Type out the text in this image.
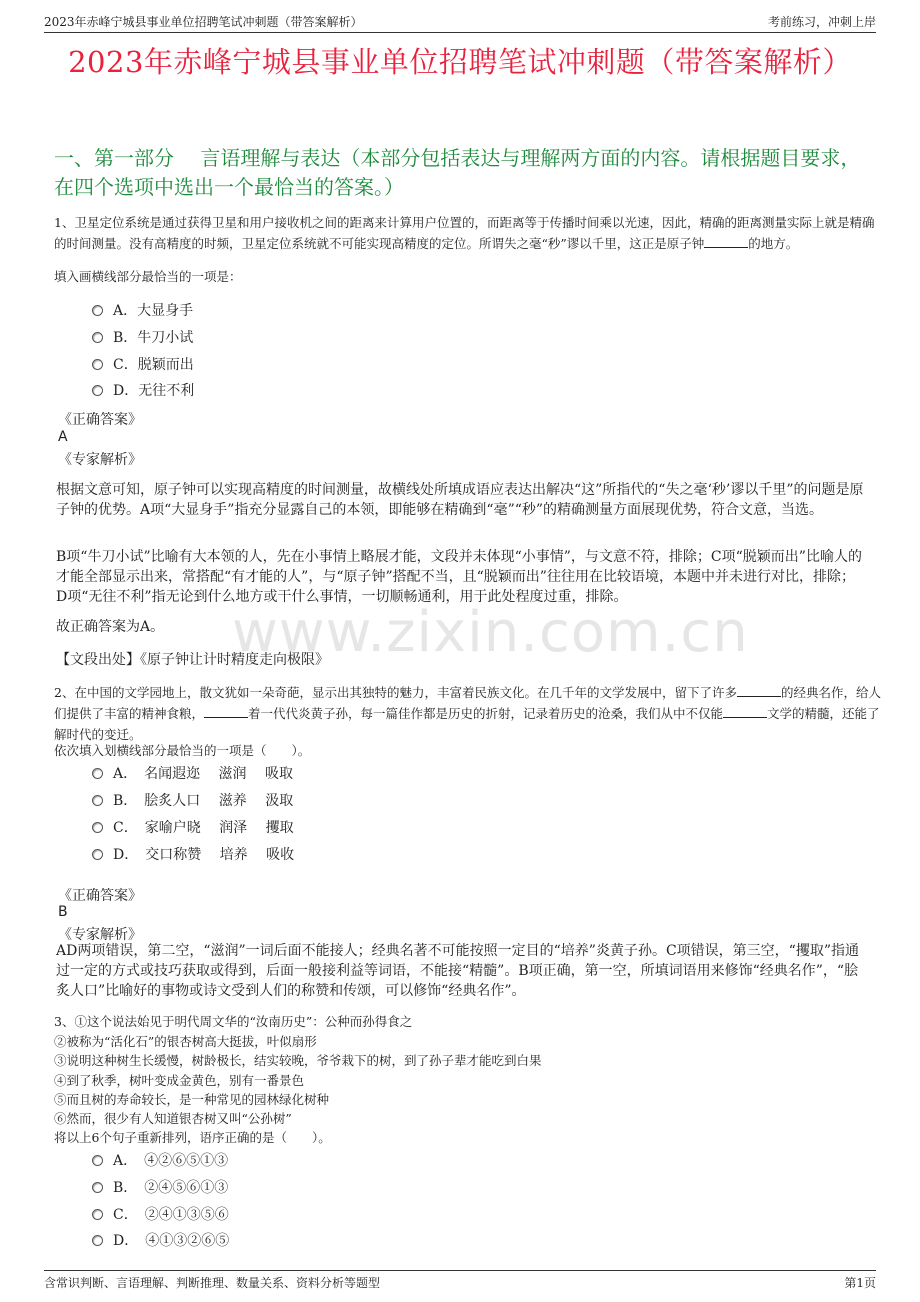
2023年赤峰宁城县事业单位招聘笔试冲刺题（带答案解析）	考前练习，冲刺上岸
2023年赤峰宁城县事业单位招聘笔试冲刺题（带答案解析）
一、第一部分　 言语理解与表达（本部分包括表达与理解两方面的内容。请根据题目要求，在四个选项中选出一个最恰当的答案。）
www.zixin.com.cn
1、卫星定位系统是通过获得卫星和用户接收机之间的距离来计算用户位置的，而距离等于传播时间乘以光速，因此，精确的距离测量实际上就是精确的时间测量。没有高精度的时频，卫星定位系统就不可能实现高精度的定位。所谓失之毫“秒”谬以千里，这正是原子钟	的地方。
填入画横线部分最恰当的一项是：
A．大显身手
B．牛刀小试
C．脱颖而出
D．无往不利
《正确答案》
A
《专家解析》
根据文意可知，原子钟可以实现高精度的时间测量，故横线处所填成语应表达出解决“这”所指代的“失之毫‘秒’谬以千里”的问题是原子钟的优势。A项“大显身手”指充分显露自己的本领，即能够在精确到“毫”“秒”的精确测量方面展现优势，符合文意，当选。
B项“牛刀小试”比喻有大本领的人，先在小事情上略展才能，文段并未体现“小事情”，与文意不符，排除；C项“脱颖而出”比喻人的才能全部显示出来，常搭配“有才能的人”，与“原子钟”搭配不当，且“脱颖而出”往往用在比较语境，本题中并未进行对比，排除；D项“无往不利”指无论到什么地方或干什么事情，一切顺畅通利，用于此处程度过重，排除。
故正确答案为A。
【文段出处】《原子钟让计时精度走向极限》
2、在中国的文学园地上，散文犹如一朵奇葩，显示出其独特的魅力，丰富着民族文化。在几千年的文学发展中，留下了许多	的经典名作，给人们提供了丰富的精神食粮，	着一代代炎黄子孙，每一篇佳作都是历史的折射，记录着历史的沧桑，我们从中不仅能	文学的精髓，还能了解时代的变迁。
依次填入划横线部分最恰当的一项是（　　）。
A．　名闻遐迩　 滋润　 吸取
B．　脍炙人口　 滋养　 汲取
C．　家喻户晓　 润泽　 攫取
D．　交口称赞　 培养　 吸收
《正确答案》
B
《专家解析》
AD两项错误，第二空，“滋润”一词后面不能接人；经典名著不可能按照一定目的“培养”炎黄子孙。C项错误，第三空，“攫取”指通过一定的方式或技巧获取或得到，后面一般接利益等词语，不能接“精髓”。B项正确，第一空，所填词语用来修饰“经典名作”，“脍炙人口”比喻好的事物或诗文受到人们的称赞和传颂，可以修饰“经典名作”。
3、①这个说法始见于明代周文华的“汝南历史”：公种而孙得食之
②被称为“活化石”的银杏树高大挺拔，叶似扇形
③说明这种树生长缓慢，树龄极长，结实较晚，爷爷栽下的树，到了孙子辈才能吃到白果
④到了秋季，树叶变成金黄色，别有一番景色
⑤而且树的寿命较长，是一种常见的园林绿化树种
⑥然而，很少有人知道银杏树又叫“公孙树”
将以上6个句子重新排列，语序正确的是（　　）。
A．　④②⑥⑤①③
B．　②④⑤⑥①③
C．　②④①③⑤⑥
D．　④①③②⑥⑤
含常识判断、言语理解、判断推理、数量关系、资料分析等题型	第1页
